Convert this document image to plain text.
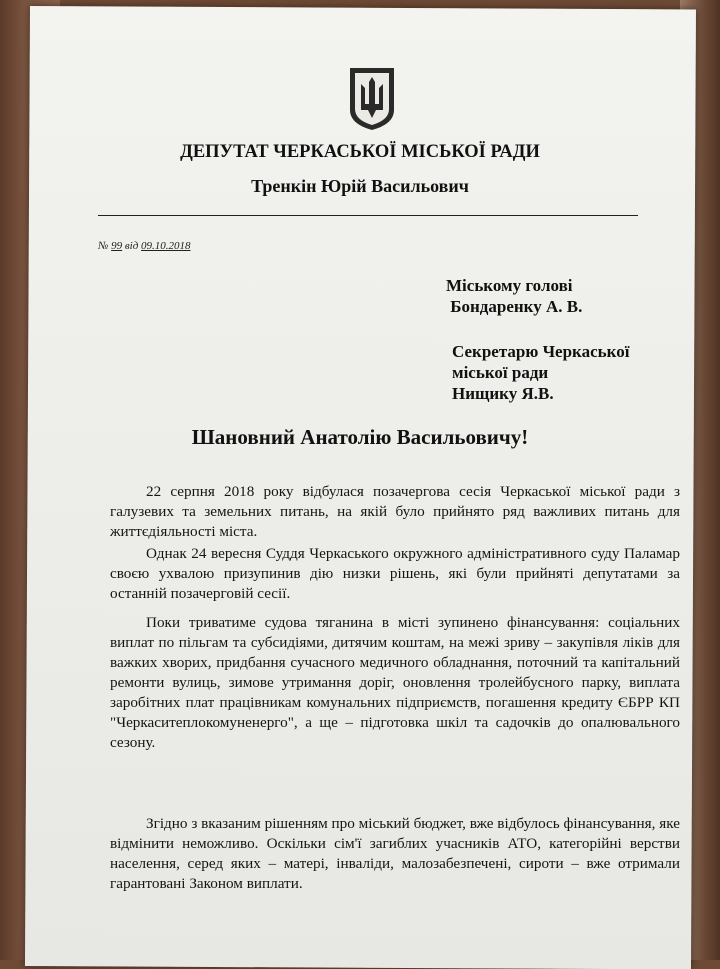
ДЕПУТАТ ЧЕРКАСЬКОЇ МІСЬКОЇ РАДИ
Тренкін Юрій Васильович
№ 99 від 09.10.2018
Міському голові
Бондаренку А. В.
Секретарю Черкаської
міської ради
Нищику Я.В.
Шановний Анатолію Васильовичу!
22 серпня 2018 року відбулася позачергова сесія Черкаської міської ради з галузевих та земельних питань, на якій було прийнято ряд важливих питань для життєдіяльності міста.
Однак 24 вересня Суддя Черкаського окружного адміністративного суду Паламар своєю ухвалою призупинив дію низки рішень, які були прийняті депутатами за останній позачерговій сесії.
Поки триватиме судова тяганина в місті зупинено фінансування: соціальних виплат по пільгам та субсидіями, дитячим коштам, на межі зриву – закупівля ліків для важких хворих, придбання сучасного медичного обладнання, поточний та капітальний ремонти вулиць, зимове утримання доріг, оновлення тролейбусного парку, виплата заробітних плат працівникам комунальних підприємств, погашення кредиту ЄБРР КП "Черкаситеплокомуненерго", а ще – підготовка шкіл та садочків до опалювального сезону.
Згідно з вказаним рішенням про міський бюджет, вже відбулось фінансування, яке відмінити неможливо. Оскільки сім'ї загиблих учасників АТО, категорійні верстви населення, серед яких – матері, інваліди, малозабезпечені, сироти – вже отримали гарантовані Законом виплати.
